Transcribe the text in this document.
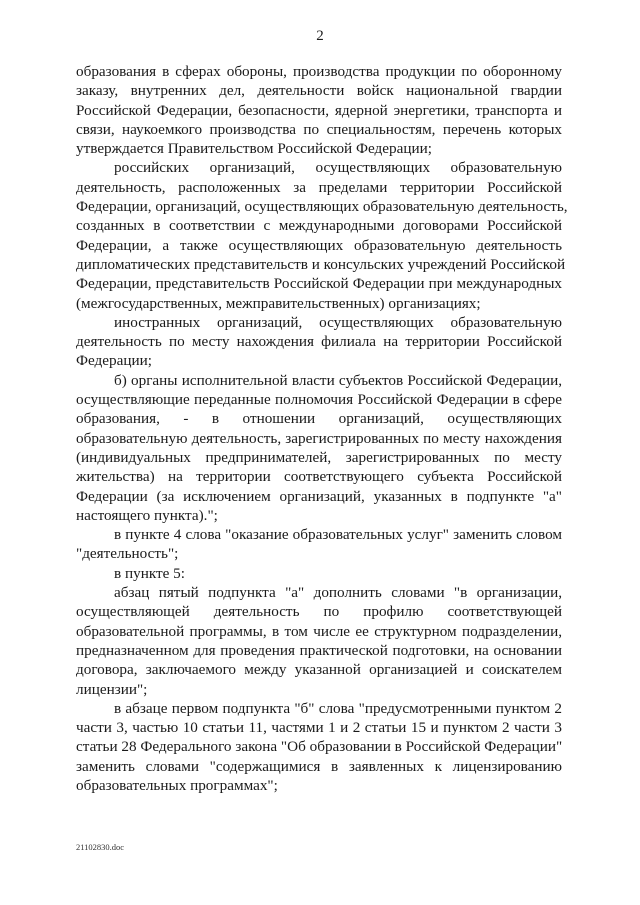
2
образования в сферах обороны, производства продукции по оборонному
заказу, внутренних дел, деятельности войск национальной гвардии
Российской Федерации, безопасности, ядерной энергетики, транспорта и
связи, наукоемкого производства по специальностям, перечень которых
утверждается Правительством Российской Федерации;
российских организаций, осуществляющих образовательную
деятельность, расположенных за пределами территории Российской
Федерации, организаций, осуществляющих образовательную деятельность,
созданных в соответствии с международными договорами Российской
Федерации, а также осуществляющих образовательную деятельность
дипломатических представительств и консульских учреждений Российской
Федерации, представительств Российской Федерации при международных
(межгосударственных, межправительственных) организациях;
иностранных организаций, осуществляющих образовательную
деятельность по месту нахождения филиала на территории Российской
Федерации;
б) органы исполнительной власти субъектов Российской Федерации,
осуществляющие переданные полномочия Российской Федерации в сфере
образования, - в отношении организаций, осуществляющих
образовательную деятельность, зарегистрированных по месту нахождения
(индивидуальных предпринимателей, зарегистрированных по месту
жительства) на территории соответствующего субъекта Российской
Федерации (за исключением организаций, указанных в подпункте "а"
настоящего пункта).";
в пункте 4 слова "оказание образовательных услуг" заменить словом
"деятельность";
в пункте 5:
абзац пятый подпункта "а" дополнить словами "в организации,
осуществляющей деятельность по профилю соответствующей
образовательной программы, в том числе ее структурном подразделении,
предназначенном для проведения практической подготовки, на основании
договора, заключаемого между указанной организацией и соискателем
лицензии";
в абзаце первом подпункта "б" слова "предусмотренными пунктом 2
части 3, частью 10 статьи 11, частями 1 и 2 статьи 15 и пунктом 2 части 3
статьи 28 Федерального закона "Об образовании в Российской Федерации"
заменить словами "содержащимися в заявленных к лицензированию
образовательных программах";
21102830.doc
